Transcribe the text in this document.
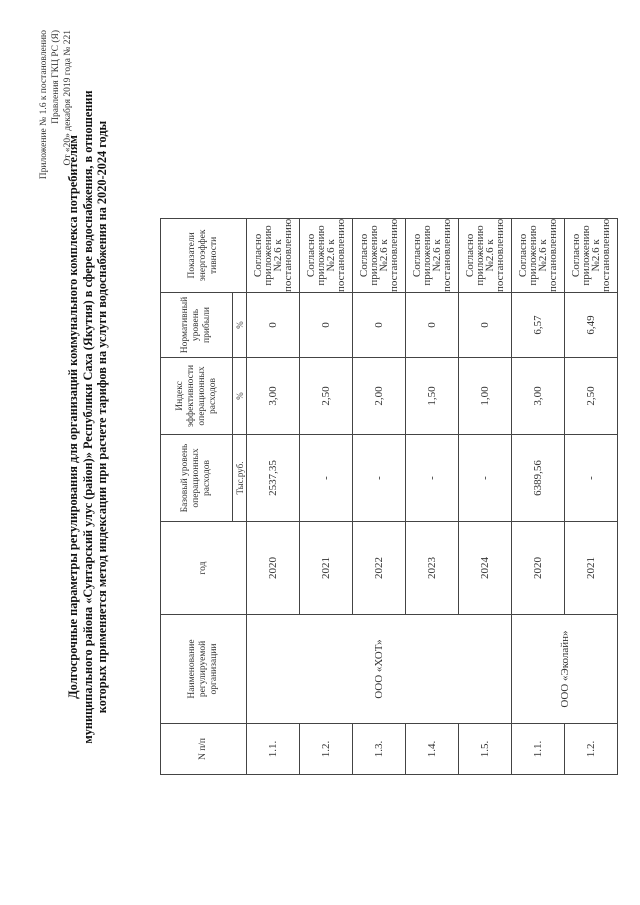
Приложение № 1.6 к постановлению Правления ГКЦ РС (Я) От «20» декабря 2019 года № 221
Долгосрочные параметры регулирования для организаций коммунального комплекса потребителям муниципального района «Сунтарский улус (район)» Республики Саха (Якутия) в сфере водоснабжения, в отношении которых применяется метод индексации при расчете тарифов на услуги водоснабжения на 2020-2024 годы
N п/п	Наименование регулируемой организации	год	Базовый уровень операционных расходов	Индекс эффективности операционных расходов	Нормативный уровень прибыли	Показатели энергоэффек тивности
			Тыс.руб.	%	%	
1.1.	ООО «ХОТ»	2020	2537,35	3,00	0	Согласно приложению №2.6 к постановлению
1.2.		2021	-	2,50	0	Согласно приложению №2.6 к постановлению
1.3.		2022	-	2,00	0	Согласно приложению №2.6 к постановлению
1.4.		2023	-	1,50	0	Согласно приложению №2.6 к постановлению
1.5.		2024	-	1,00	0	Согласно приложению №2.6 к постановлению
1.1.	ООО «Эколайн»	2020	6389,56	3,00	6,57	Согласно приложению №2.6 к постановлению
1.2.		2021	-	2,50	6,49	Согласно приложению №2.6 к постановлению
